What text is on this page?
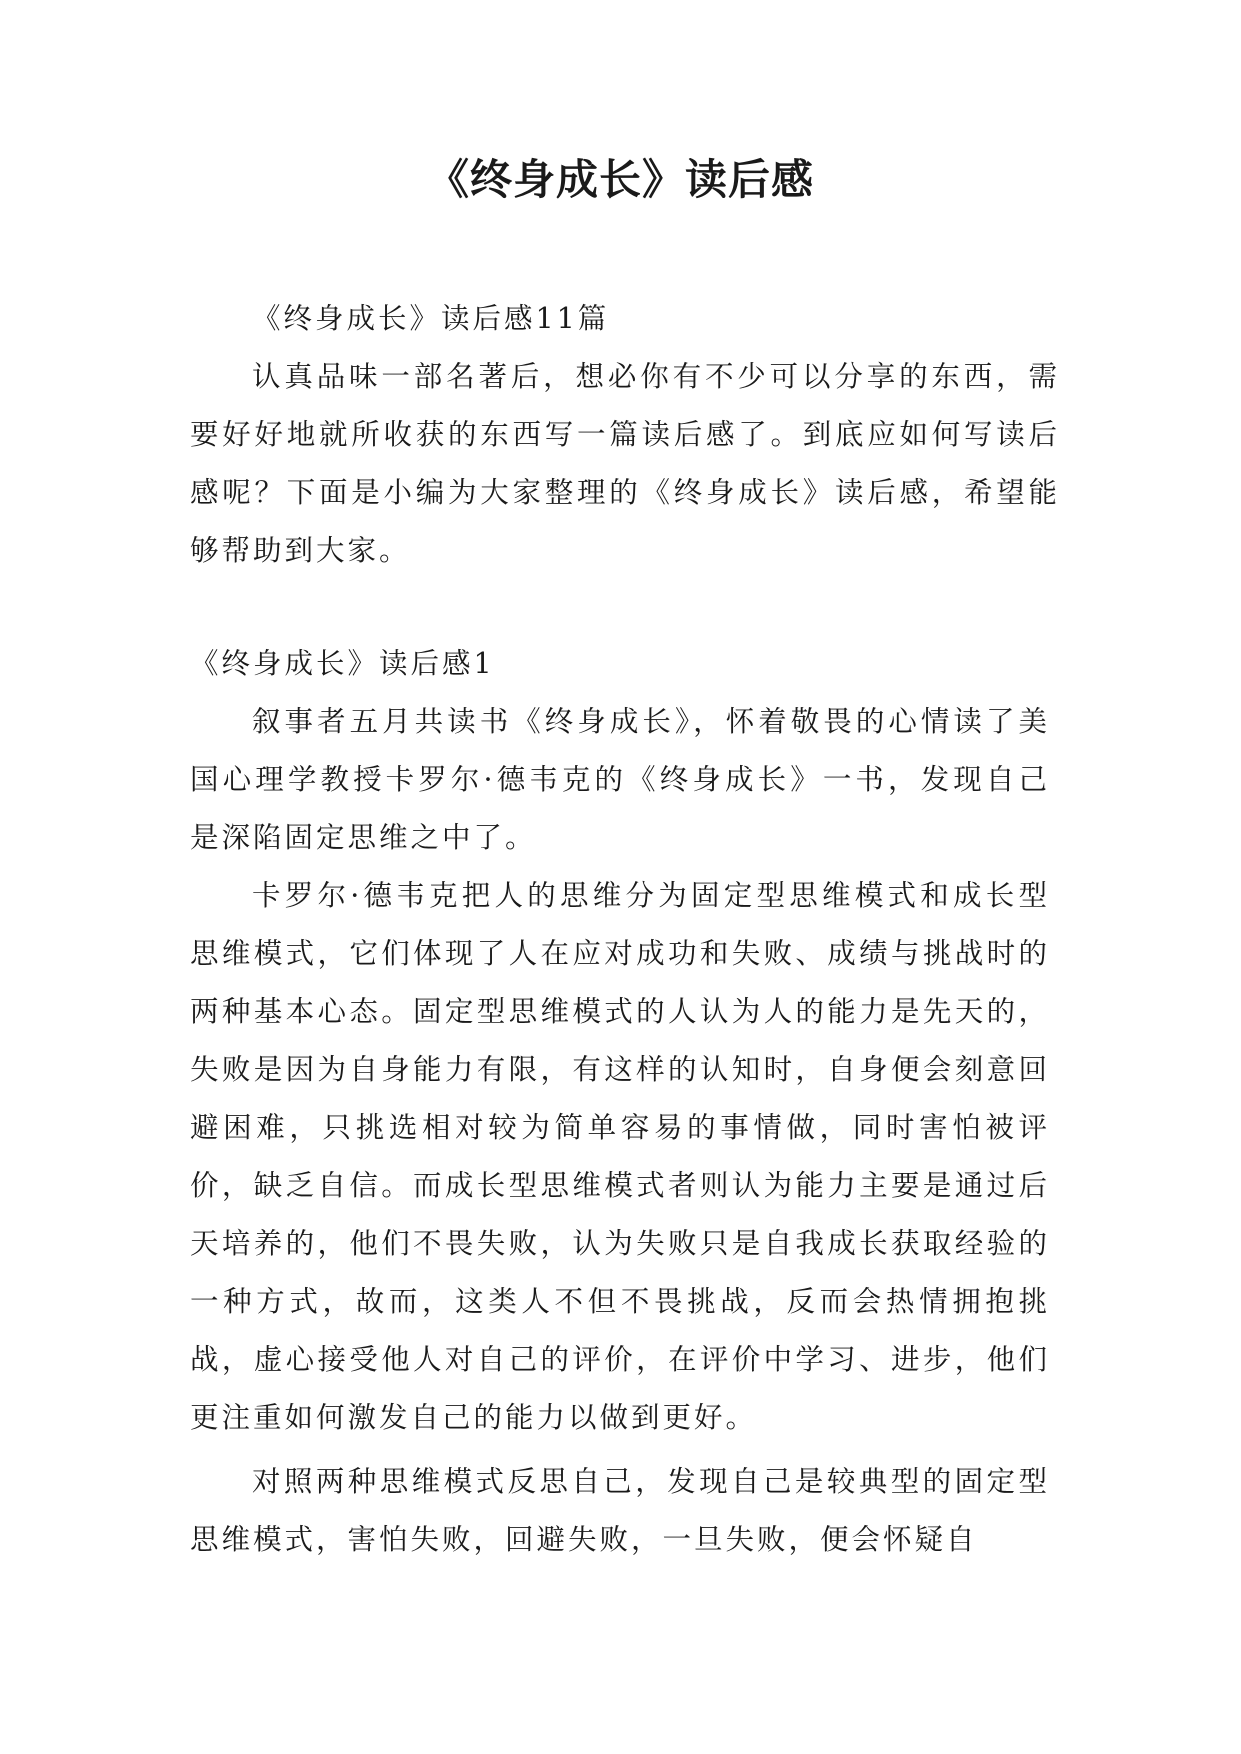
《终身成长》读后感

《终身成长》读后感11篇

认真品味一部名著后，想必你有不少可以分享的东西，需要好好地就所收获的东西写一篇读后感了。到底应如何写读后感呢？下面是小编为大家整理的《终身成长》读后感，希望能够帮助到大家。

《终身成长》读后感1

叙事者五月共读书《终身成长》，怀着敬畏的心情读了美国心理学教授卡罗尔·德韦克的《终身成长》一书，发现自己是深陷固定思维之中了。

卡罗尔·德韦克把人的思维分为固定型思维模式和成长型思维模式，它们体现了人在应对成功和失败、成绩与挑战时的两种基本心态。固定型思维模式的人认为人的能力是先天的，失败是因为自身能力有限，有这样的认知时，自身便会刻意回避困难，只挑选相对较为简单容易的事情做，同时害怕被评价，缺乏自信。而成长型思维模式者则认为能力主要是通过后天培养的，他们不畏失败，认为失败只是自我成长获取经验的一种方式，故而，这类人不但不畏挑战，反而会热情拥抱挑战，虚心接受他人对自己的评价，在评价中学习、进步，他们更注重如何激发自己的能力以做到更好。

对照两种思维模式反思自己，发现自己是较典型的固定型思维模式，害怕失败，回避失败，一旦失败，便会怀疑自
